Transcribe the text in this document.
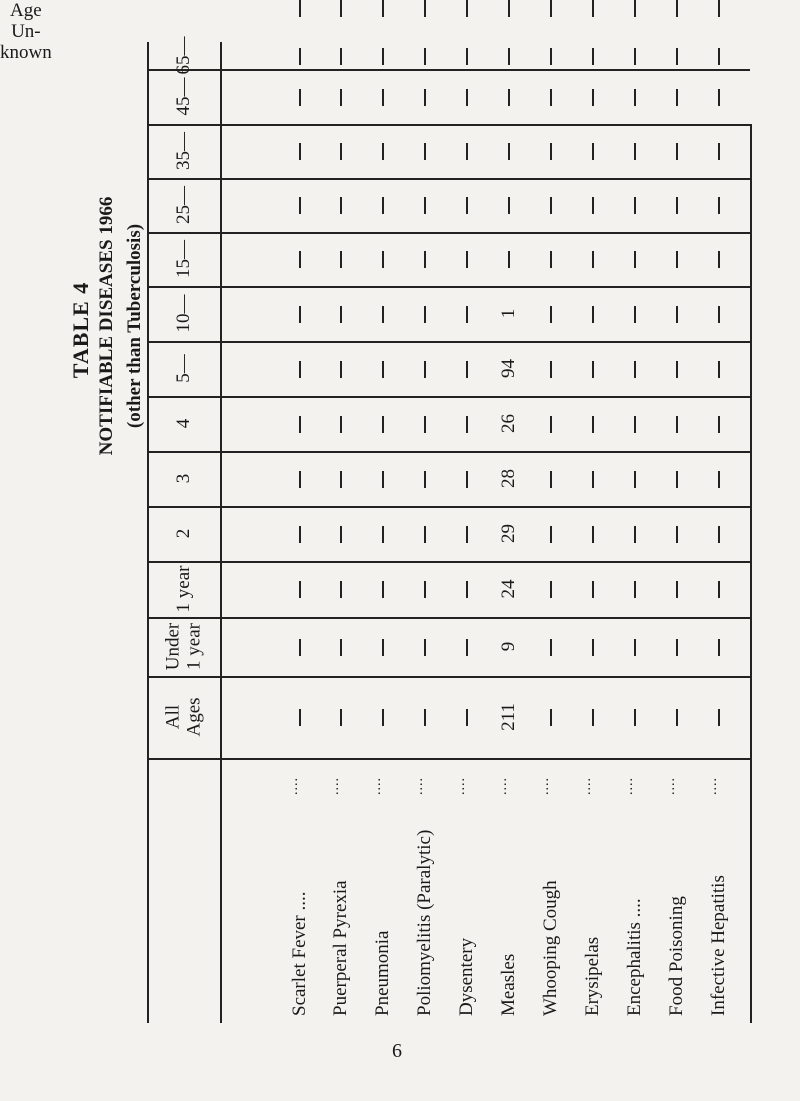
TABLE 4 NOTIFIABLE DISEASES 1966 (other than Tuberculosis)
All Ages
Under 1 year
1 year
2
3
4
5—
10—
15—
25—
35—
45—
65—
Age
Un-
known
Scarlet Fever ....
....
Puerperal Pyrexia
....
Pneumonia
....
Poliomyelitis (Paralytic)
....
Dysentery
....
Measles
....
211
9
24
29
28
26
94
1
Whooping Cough
....
Erysipelas
....
Encephalitis ....
....
Food Poisoning
....
Infective Hepatitis
....
6
